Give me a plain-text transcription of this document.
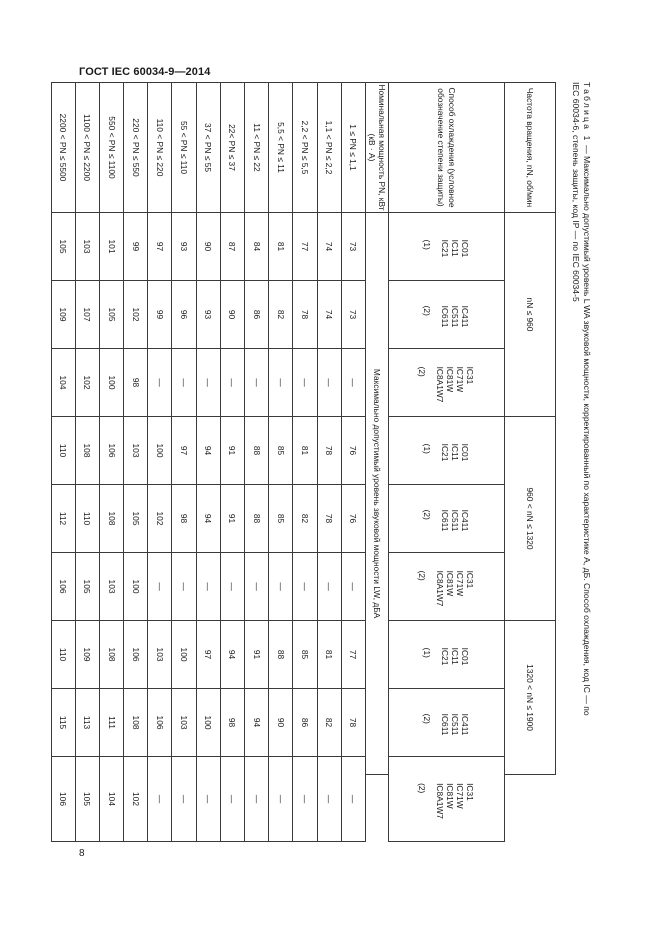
ГОСТ IEC 60034-9—2014
Таблица 1 — Максимально допустимый уровень L WA звуковой мощности, корректированный по характеристике А, дБ. Способ охлаждения, код IC — по
IEC 60034-6, степень защиты, код IP — по IEC 60034-5
Частота вращения, nN, об/мин	nN ≤ 960			960 < nN ≤ 1320			1320 < nN ≤ 1900		
Способ охлаждения (условное обозначение степени защиты)	IC01
IC11
IC21
(1)	IC411
IC511
IC611
(2)	IC31
IC71W
IC81W
IC8A1W7
(2)	IC01
IC11
IC21
(1)	IC411
IC511
IC611
(2)	IC31
IC71W
IC81W
IC8A1W7
(2)	IC01
IC11
IC21
(1)	IC411
IC511
IC611
(2)	IC31
IC71W
IC81W
IC8A1W7
(2)

Номинальная мощность PN, кВт (кВ · А)	Максимально допустимый уровень звуковой мощности LW, дБА								
1 ≤ PN ≤ 1,1	73	73	—	76	76	—	77	78	—
1,1 < PN ≤ 2,2	74	74	—	78	78	—	81	82	—
2,2 < PN ≤ 5,5	77	78	—	81	82	—	85	86	—
5,5 < PN ≤ 11	81	82	—	85	85	—	88	90	—
11 < PN ≤ 22	84	86	—	88	88	—	91	94	—
22< PN ≤ 37	87	90	—	91	91	—	94	98	—
37 < PN ≤ 55	90	93	—	94	94	—	97	100	—
55 < PN ≤ 110	93	96	—	97	98	—	100	103	—
110 < PN ≤ 220	97	99	—	100	102	—	103	106	—
220 < PN ≤ 550	99	102	98	103	105	100	106	108	102
550 < PN ≤ 1100	101	105	100	106	108	103	108	111	104
1100 < PN ≤ 2200	103	107	102	108	110	105	109	113	105
2200 < PN ≤ 5500	105	109	104	110	112	106	110	115	106
8
